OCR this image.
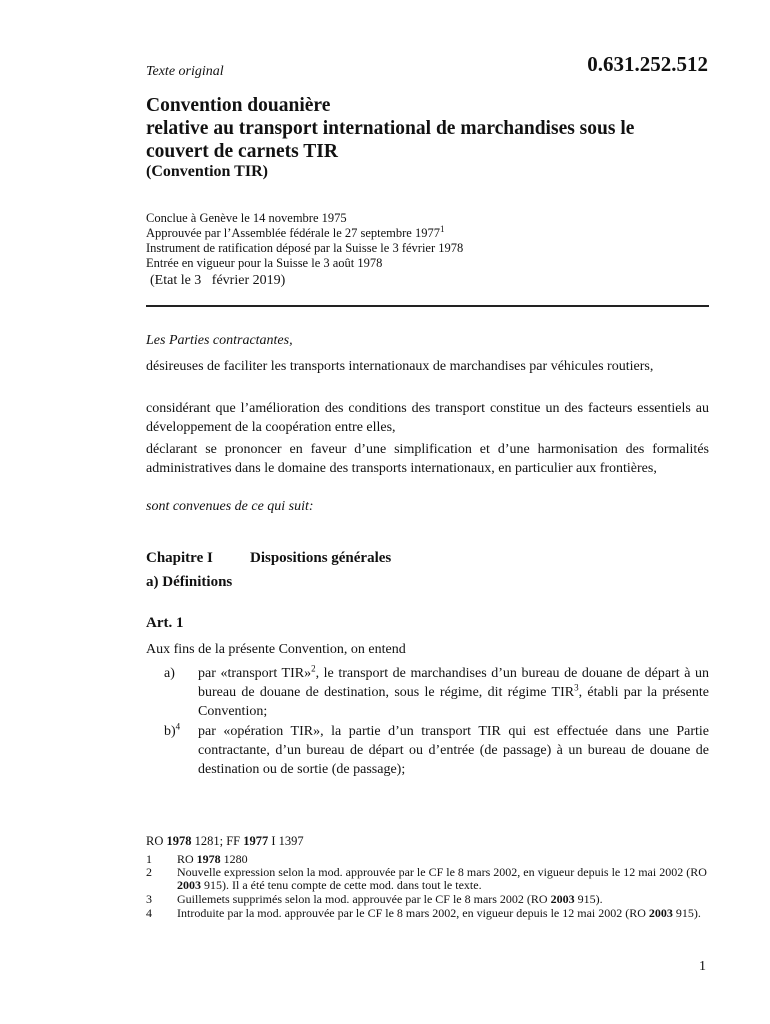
Texte original	0.631.252.512
Convention douanière
relative au transport international de marchandises sous le
couvert de carnets TIR
(Convention TIR)
Conclue à Genève le 14 novembre 1975
Approuvée par l’Assemblée fédérale le 27 septembre 1977$^1$
Instrument de ratification déposé par la Suisse le 3 février 1978
Entrée en vigueur pour la Suisse le 3 août 1978
(Etat le 3   février 2019)
Les Parties contractantes,
désireuses de faciliter les transports internationaux de marchandises par véhicules routiers,
considérant que l’amélioration des conditions des transport constitue un des facteurs essentiels au développement de la coopération entre elles,
déclarant se prononcer en faveur d’une simplification et d’une harmonisation des formalités administratives dans le domaine des transports internationaux, en particulier aux frontières,
sont convenues de ce qui suit:
Chapitre I Dispositions générales
a) Définitions
Art. 1
Aux fins de la présente Convention, on entend
a) par «transport TIR»$^2$, le transport de marchandises d’un bureau de douane de départ à un bureau de douane de destination, sous le régime, dit régime TIR$^3$, établi par la présente Convention;
b)$^4$ par «opération TIR», la partie d’un transport TIR qui est effectuée dans une Partie contractante, d’un bureau de départ ou d’entrée (de passage) à un bureau de douane de destination ou de sortie (de passage);
RO 1978 1281; FF 1977 I 1397
1 RO 1978 1280
2 Nouvelle expression selon la mod. approuvée par le CF le 8 mars 2002, en vigueur depuis le 12 mai 2002 (RO 2003 915). Il a été tenu compte de cette mod. dans tout le texte.
3 Guillemets supprimés selon la mod. approuvée par le CF le 8 mars 2002 (RO 2003 915).
4 Introduite par la mod. approuvée par le CF le 8 mars 2002, en vigueur depuis le 12 mai 2002 (RO 2003 915).
1
